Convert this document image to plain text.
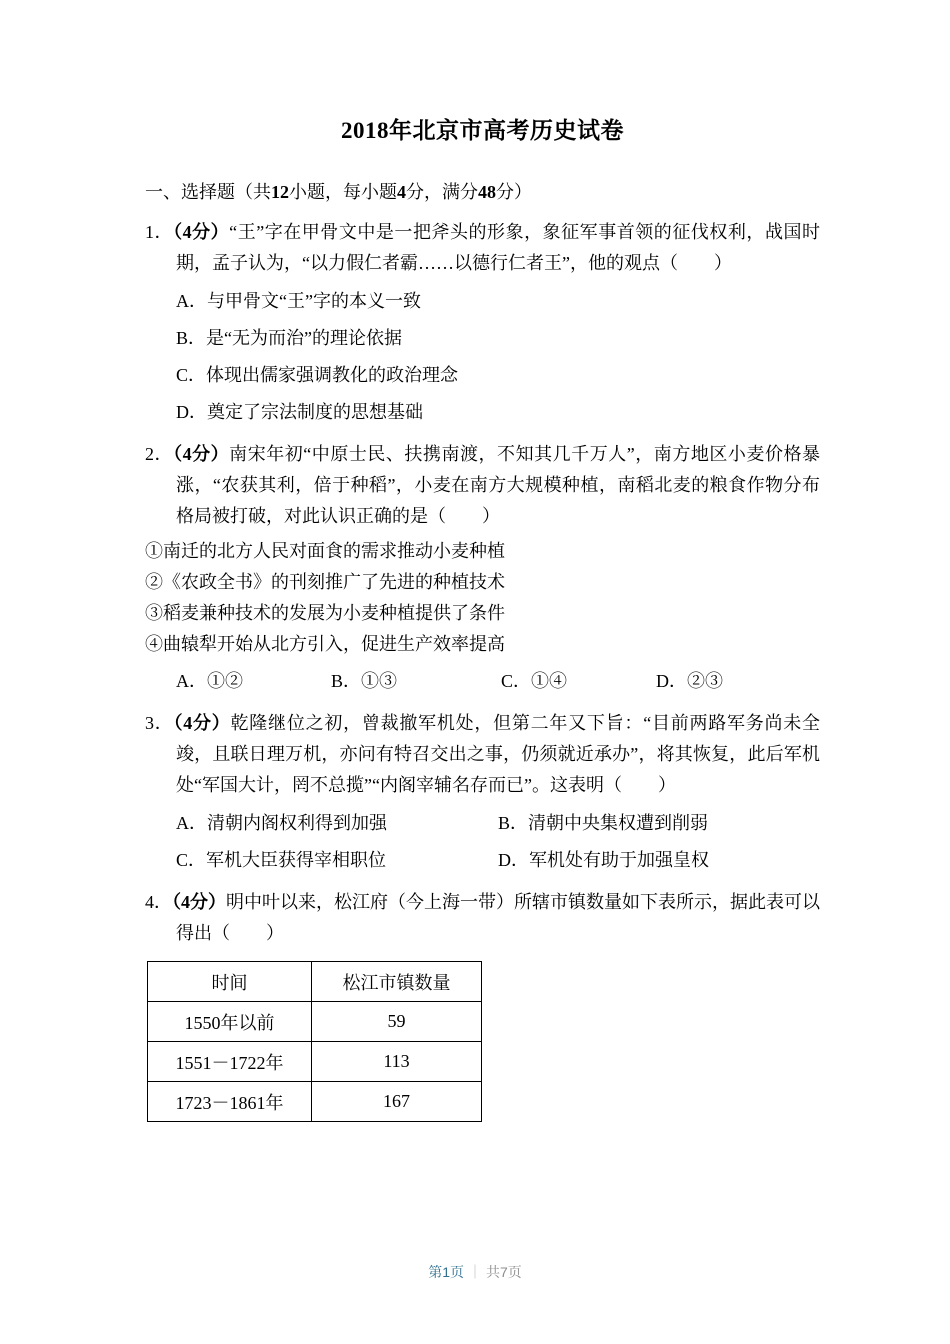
2018年北京市高考历史试卷

一、选择题（共12小题，每小题4分，满分48分）

1．（4分）“王”字在甲骨文中是一把斧头的形象，象征军事首领的征伐权利，战国时期，孟子认为，“以力假仁者霸……以德行仁者王”，他的观点（　　）

A．与甲骨文“王”字的本义一致

B．是“无为而治”的理论依据

C．体现出儒家强调教化的政治理念

D．奠定了宗法制度的思想基础

2．（4分）南宋年初“中原士民、扶携南渡，不知其几千万人”，南方地区小麦价格暴涨，“农获其利，倍于种稻”，小麦在南方大规模种植，南稻北麦的粮食作物分布格局被打破，对此认识正确的是（　　）

①南迁的北方人民对面食的需求推动小麦种植

②《农政全书》的刊刻推广了先进的种植技术

③稻麦兼种技术的发展为小麦种植提供了条件

④曲辕犁开始从北方引入，促进生产效率提高

A．①②	B．①③	C．①④	D．②③

3．（4分）乾隆继位之初，曾裁撤军机处，但第二年又下旨：“目前两路军务尚未全竣，且联日理万机，亦问有特召交出之事，仍须就近承办”，将其恢复，此后军机处“军国大计，罔不总揽”“内阁宰辅名存而已”。这表明（　　）

A．清朝内阁权利得到加强	B．清朝中央集权遭到削弱
C．军机大臣获得宰相职位	D．军机处有助于加强皇权

4．（4分）明中叶以来，松江府（今上海一带）所辖市镇数量如下表所示，据此表可以得出（　　）

时间	松江市镇数量
1550年以前	59
1551－1722年	113
1723－1861年	167
第1页 ｜ 共7页
